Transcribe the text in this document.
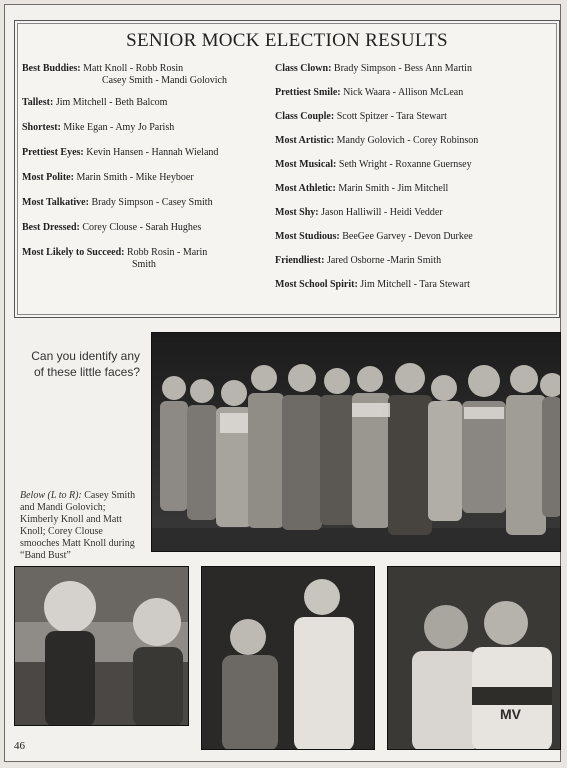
SENIOR MOCK ELECTION RESULTS
Best Buddies: Matt Knoll - Robb Rosin
Casey Smith - Mandi Golovich
Tallest: Jim Mitchell - Beth Balcom
Shortest: Mike Egan - Amy Jo Parish
Prettiest Eyes: Kevin Hansen - Hannah Wieland
Most Polite: Marin Smith - Mike Heyboer
Most Talkative: Brady Simpson - Casey Smith
Best Dressed: Corey Clouse - Sarah Hughes
Most Likely to Succeed: Robb Rosin - Marin
Smith
Class Clown: Brady Simpson - Bess Ann Martin
Prettiest Smile: Nick Waara - Allison McLean
Class Couple: Scott Spitzer - Tara Stewart
Most Artistic: Mandy Golovich - Corey Robinson
Most Musical: Seth Wright - Roxanne Guernsey
Most Athletic: Marin Smith - Jim Mitchell
Most Shy: Jason Halliwill - Heidi Vedder
Most Studious: BeeGee Garvey - Devon Durkee
Friendliest: Jared Osborne -Marin Smith
Most School Spirit: Jim Mitchell - Tara Stewart
Can you identify any of these little faces?
Below (L to R): Casey Smith and Mandi Golovich; Kimberly Knoll and Matt Knoll; Corey Clouse smooches Matt Knoll during “Band Bust”
MV
46
